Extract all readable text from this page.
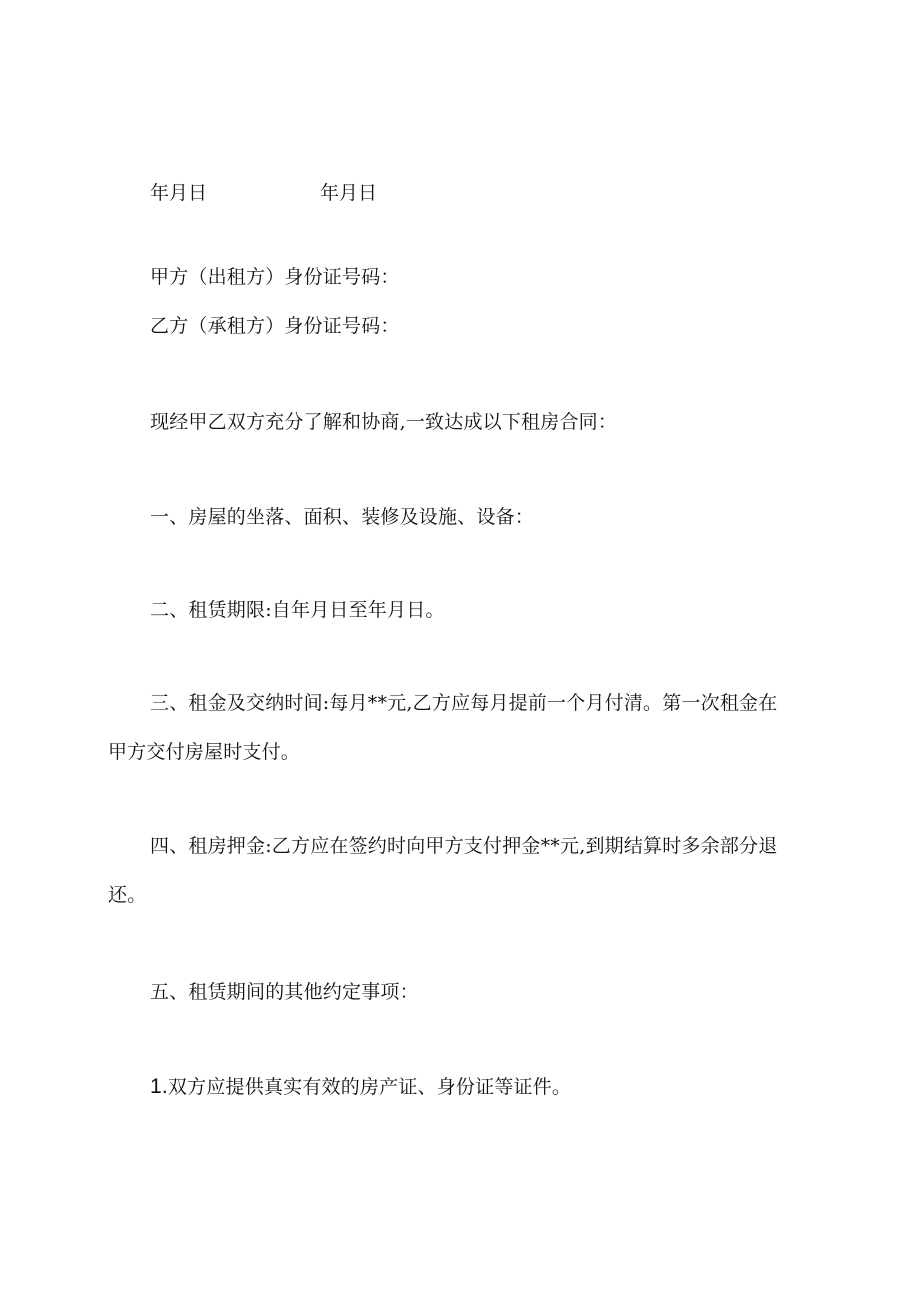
年月日	年月日
甲方（出租方）身份证号码：
乙方（承租方）身份证号码：
现经甲乙双方充分了解和协商,一致达成以下租房合同：
一、房屋的坐落、面积、装修及设施、设备：
二、租赁期限:自年月日至年月日。
三、租金及交纳时间:每月**元,乙方应每月提前一个月付清。第一次租金在
甲方交付房屋时支付。
四、租房押金:乙方应在签约时向甲方支付押金**元,到期结算时多余部分退
还。
五、租赁期间的其他约定事项：
1.双方应提供真实有效的房产证、身份证等证件。
